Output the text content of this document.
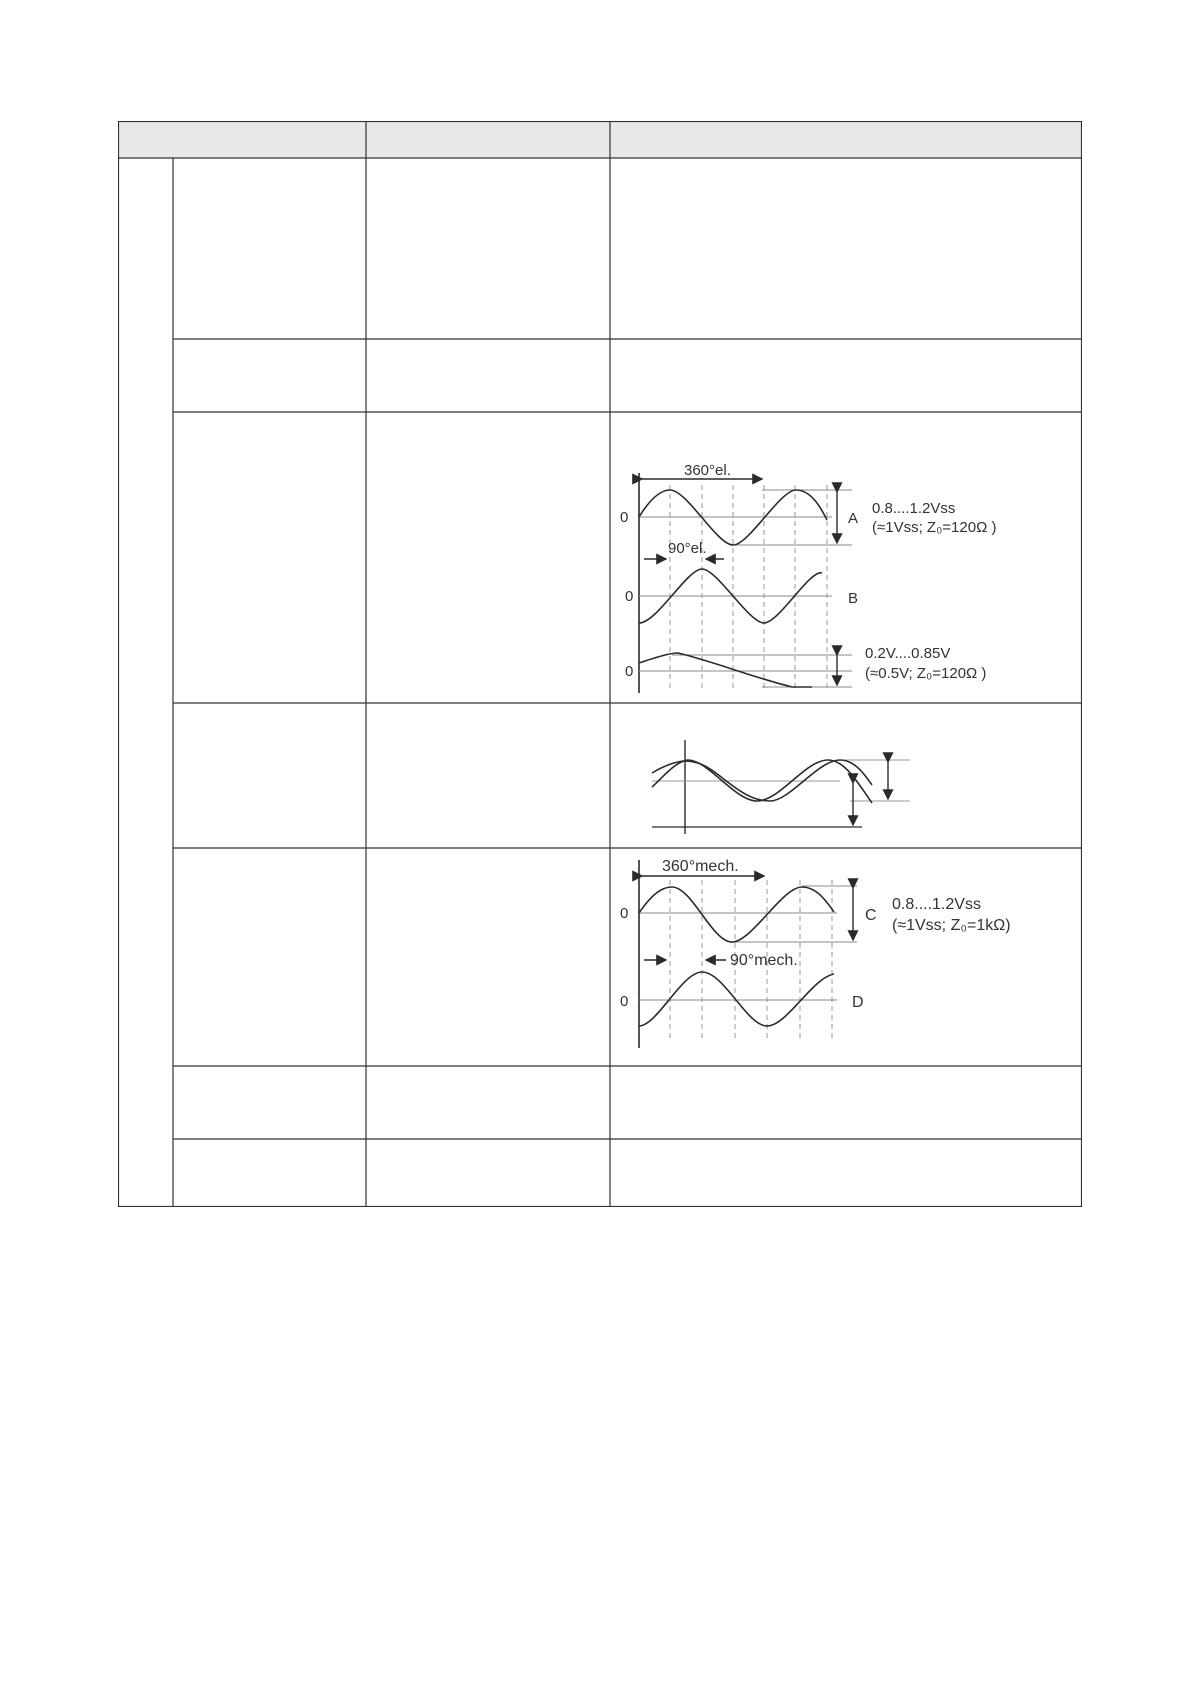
360°el.
90°el.
0
0
0
A
B
0.8....1.2Vss
(≈1Vss; Z₀=120Ω )
0.2V....0.85V
(≈0.5V; Z₀=120Ω )
360°mech.
90°mech.
0
0
C
D
0.8....1.2Vss
(≈1Vss; Z₀=1kΩ)
